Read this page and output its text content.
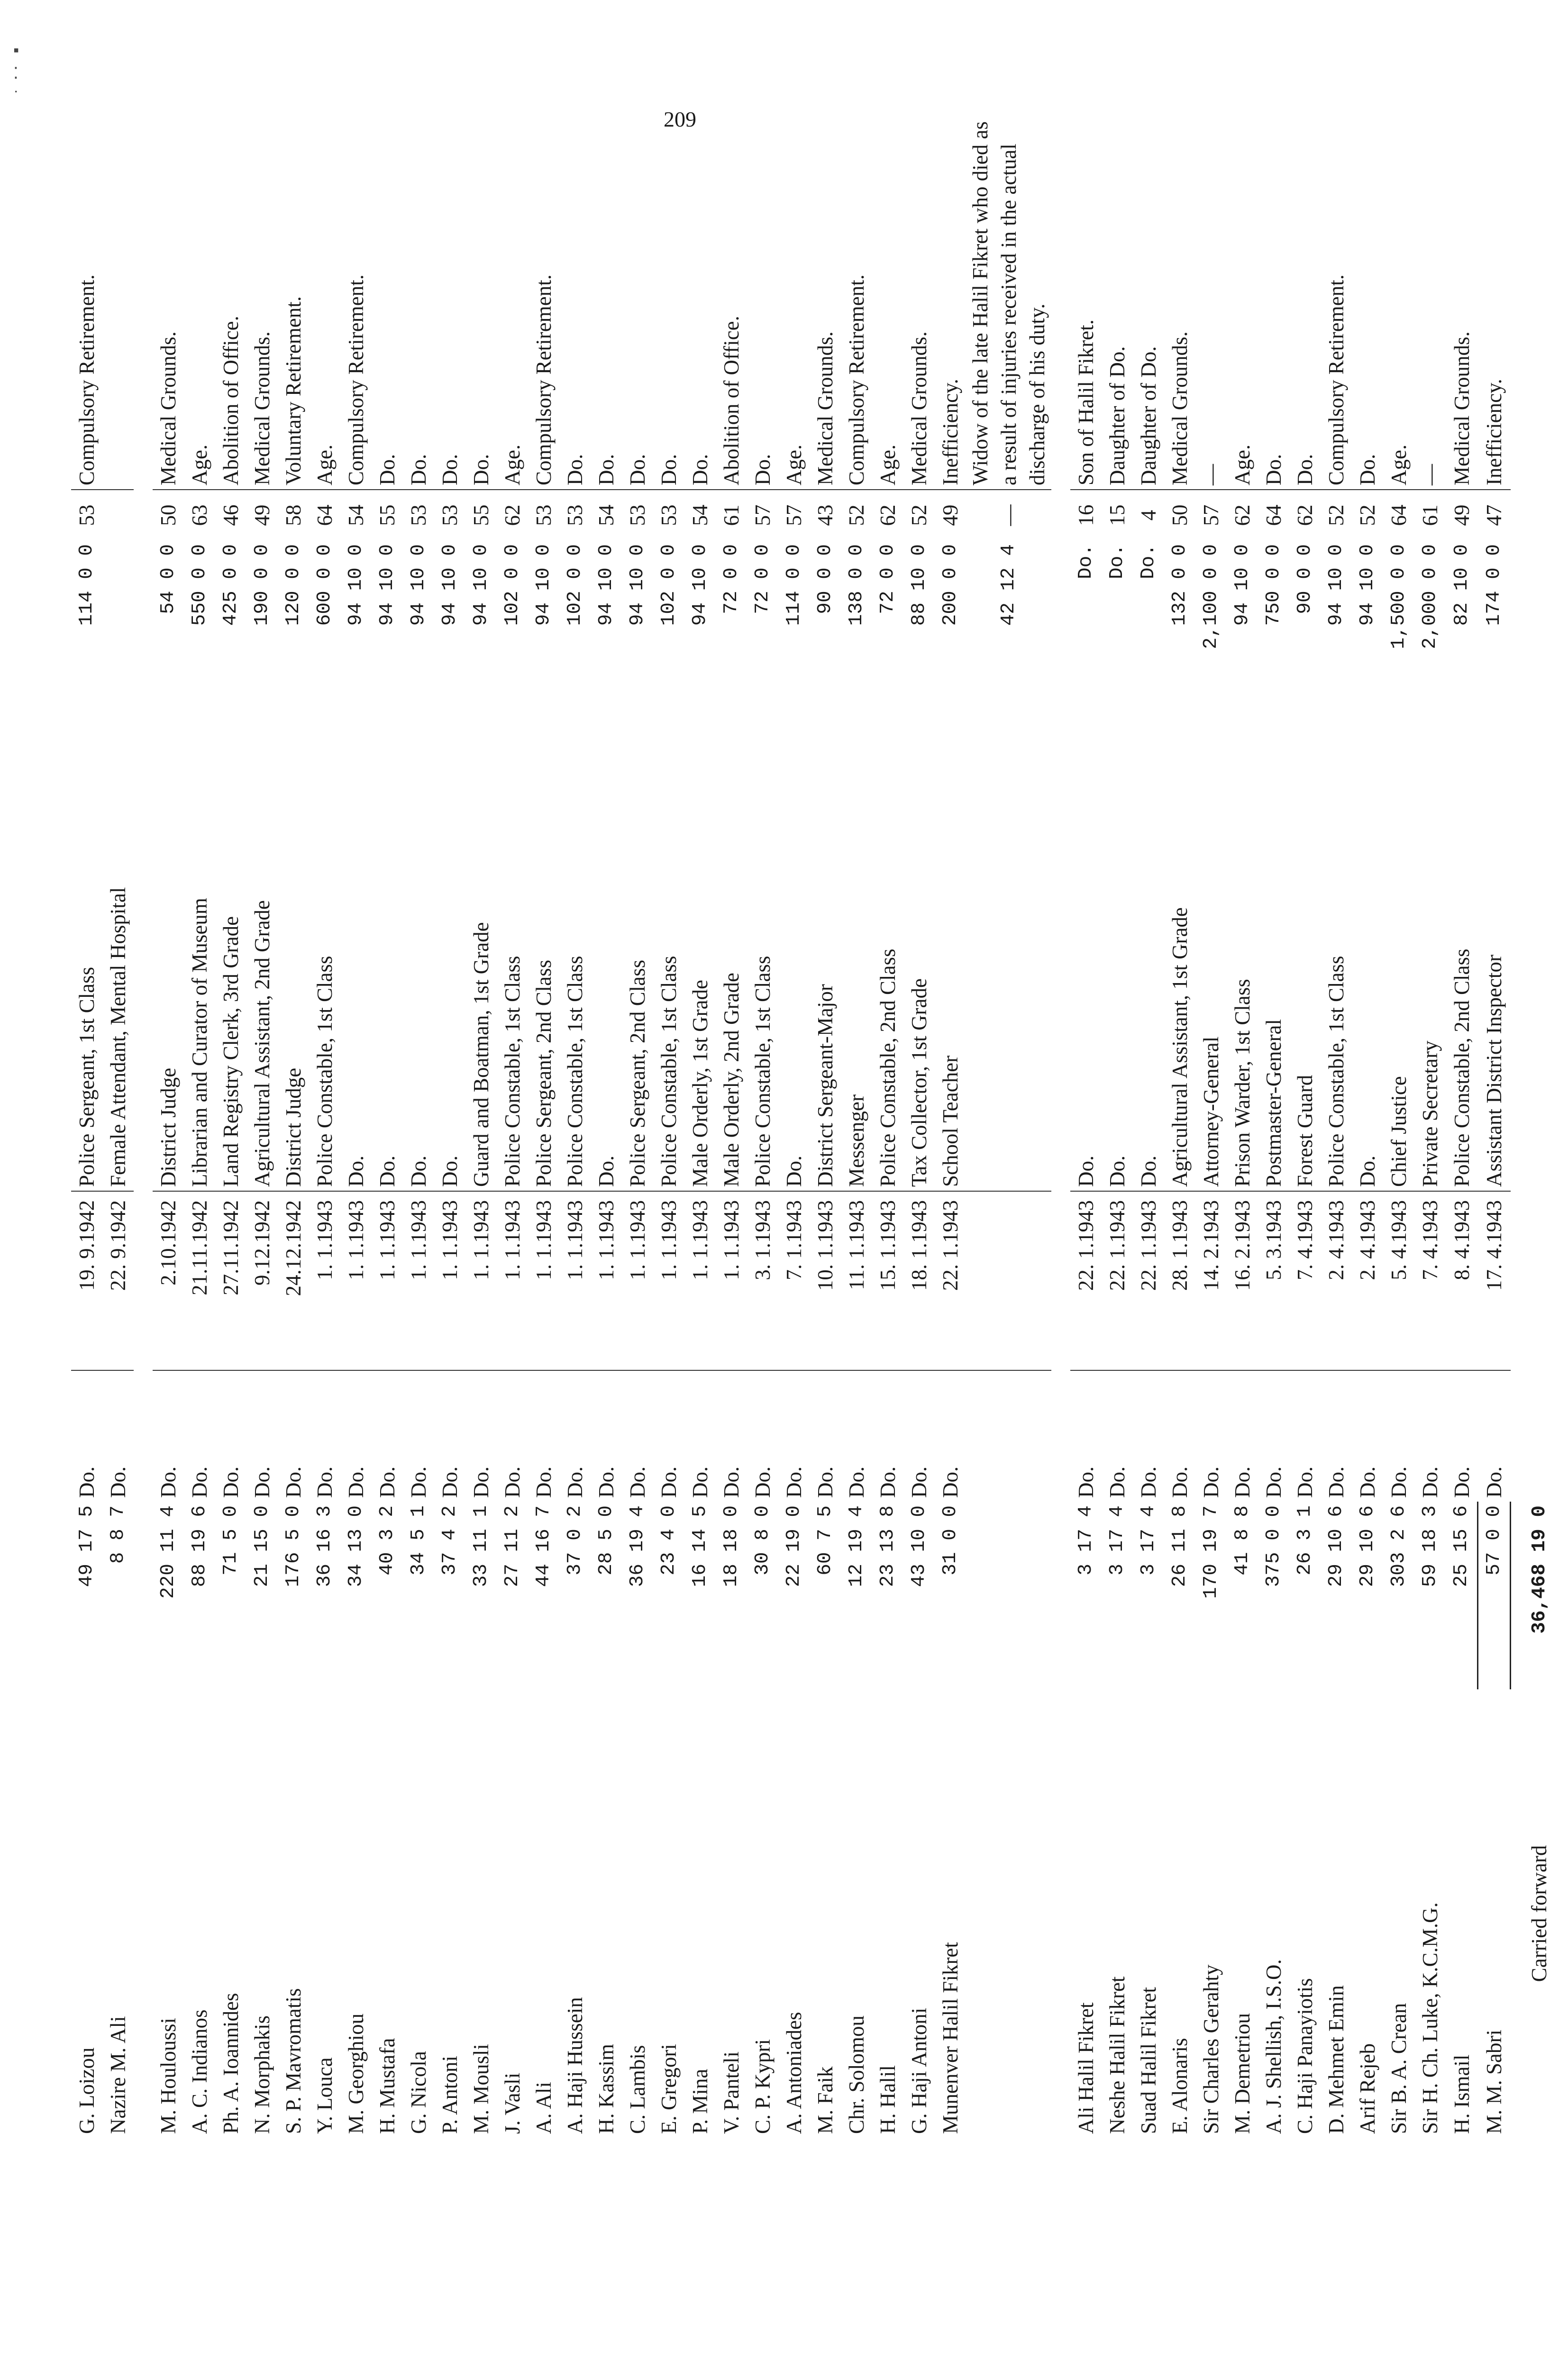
▪
⁚
˙
209
G. Loizou	49 17 5	Do.	19. 9.1942	Police Sergeant, 1st Class	114 0 0	53	Compulsory Retirement.
Nazire M. Ali	8 8 7	Do.	22. 9.1942	Female Attendant, Mental Hospital			

M. Houloussi	220 11 4	Do.	2.10.1942	District Judge	54 0 0	50	Medical Grounds.
A. C. Indianos	88 19 6	Do.	21.11.1942	Librarian and Curator of Museum	550 0 0	63	Age.
Ph. A. Ioannides	71 5 0	Do.	27.11.1942	Land Registry Clerk, 3rd Grade	425 0 0	46	Abolition of Office.
N. Morphakis	21 15 0	Do.	9.12.1942	Agricultural Assistant, 2nd Grade	190 0 0	49	Medical Grounds.
S. P. Mavromatis	176 5 0	Do.	24.12.1942	District Judge	120 0 0	58	Voluntary Retirement.
Y. Louca	36 16 3	Do.	1. 1.1943	Police Constable, 1st Class	600 0 0	64	Age.
M. Georghiou	34 13 0	Do.	1. 1.1943	Do.	94 10 0	54	Compulsory Retirement.
H. Mustafa	40 3 2	Do.	1. 1.1943	Do.	94 10 0	55	Do.
G. Nicola	34 5 1	Do.	1. 1.1943	Do.	94 10 0	53	Do.
P. Antoni	37 4 2	Do.	1. 1.1943	Do.	94 10 0	53	Do.
M. Mousli	33 11 1	Do.	1. 1.1943	Guard and Boatman, 1st Grade	94 10 0	55	Do.
J. Vasli	27 11 2	Do.	1. 1.1943	Police Constable, 1st Class	102 0 0	62	Age.
A. Ali	44 16 7	Do.	1. 1.1943	Police Sergeant, 2nd Class	94 10 0	53	Compulsory Retirement.
A. Haji Hussein	37 0 2	Do.	1. 1.1943	Police Constable, 1st Class	102 0 0	53	Do.
H. Kassim	28 5 0	Do.	1. 1.1943	Do.	94 10 0	54	Do.
C. Lambis	36 19 4	Do.	1. 1.1943	Police Sergeant, 2nd Class	94 10 0	53	Do.
E. Gregori	23 4 0	Do.	1. 1.1943	Police Constable, 1st Class	102 0 0	53	Do.
P. Mina	16 14 5	Do.	1. 1.1943	Male Orderly, 1st Grade	94 10 0	54	Do.
V. Panteli	18 18 0	Do.	1. 1.1943	Male Orderly, 2nd Grade	72 0 0	61	Abolition of Office.
C. P. Kypri	30 8 0	Do.	3. 1.1943	Police Constable, 1st Class	72 0 0	57	Do.
A. Antoniades	22 19 0	Do.	7. 1.1943	Do.	114 0 0	57	Age.
M. Faik	60 7 5	Do.	10. 1.1943	District Sergeant-Major	90 0 0	43	Medical Grounds.
Chr. Solomou	12 19 4	Do.	11. 1.1943	Messenger	138 0 0	52	Compulsory Retirement.
H. Halil	23 13 8	Do.	15. 1.1943	Police Constable, 2nd Class	72 0 0	62	Age.
G. Haji Antoni	43 10 0	Do.	18. 1.1943	Tax Collector, 1st Grade	88 10 0	52	Medical Grounds.
Munenver Halil Fikret	31 0 0	Do.	22. 1.1943	School Teacher	200 0 0	49	Inefficiency.
					42 12 4	—	Widow of the late Halil Fikret who died as a result of injuries received in the actual discharge of his duty.

Ali Halil Fikret	3 17 4	Do.	22. 1.1943	Do.	Do.	16	Son of Halil Fikret.
Neshe Halil Fikret	3 17 4	Do.	22. 1.1943	Do.	Do.	15	Daughter of Do.
Suad Halil Fikret	3 17 4	Do.	22. 1.1943	Do.	Do.	4	Daughter of Do.
E. Alonaris	26 11 8	Do.	28. 1.1943	Agricultural Assistant, 1st Grade	132 0 0	50	Medical Grounds.
Sir Charles Gerahty	170 19 7	Do.	14. 2.1943	Attorney-General	2,100 0 0	57	—
M. Demetriou	41 8 8	Do.	16. 2.1943	Prison Warder, 1st Class	94 10 0	62	Age.
A. J. Shellish, I.S.O.	375 0 0	Do.	5. 3.1943	Postmaster-General	750 0 0	64	Do.
C. Haji Panayiotis	26 3 1	Do.	7. 4.1943	Forest Guard	90 0 0	62	Do.
D. Mehmet Emin	29 10 6	Do.	2. 4.1943	Police Constable, 1st Class	94 10 0	52	Compulsory Retirement.
Arif Rejeb	29 10 6	Do.	2. 4.1943	Do.	94 10 0	52	Do.
Sir B. A. Crean	303 2 6	Do.	5. 4.1943	Chief Justice	1,500 0 0	64	Age.
Sir H. Ch. Luke, K.C.M.G.	59 18 3	Do.	7. 4.1943	Private Secretary	2,000 0 0	61	—
H. Ismail	25 15 6	Do.	8. 4.1943	Police Constable, 2nd Class	82 10 0	49	Medical Grounds.
M. M. Sabri	57 0 0	Do.	17. 4.1943	Assistant District Inspector	174 0 0	47	Inefficiency.
Carried forward	36,468 19 0						
